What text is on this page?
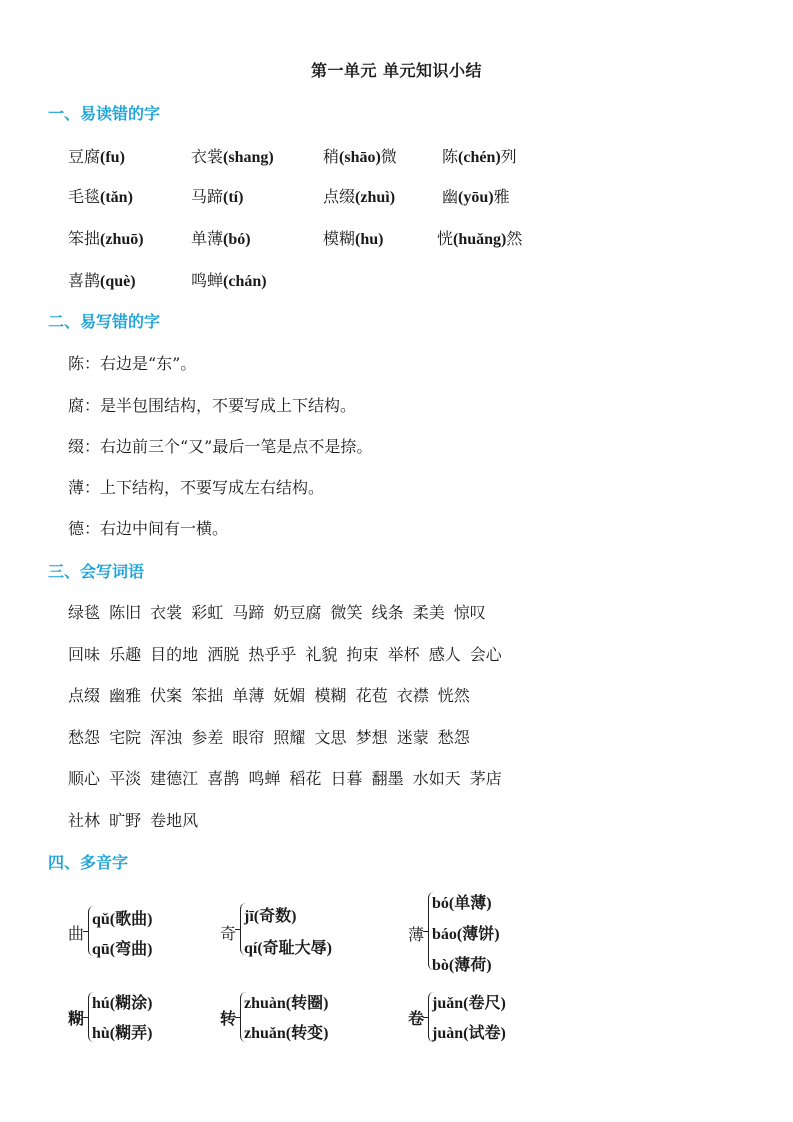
第一单元 单元知识小结
一、易读错的字
豆腐(fu)	衣裳(shang)	稍(shāo)微	陈(chén)列
毛毯(tǎn)	马蹄(tí)	点缀(zhuì)	幽(yōu)雅
笨拙(zhuō)	单薄(bó)	模糊(hu)	恍(huǎng)然
喜鹊(què)	鸣蝉(chán)
二、易写错的字
陈：右边是“东”。
腐：是半包围结构，不要写成上下结构。
缀：右边前三个“又”最后一笔是点不是捺。
薄：上下结构，不要写成左右结构。
德：右边中间有一横。
三、会写词语
绿毯 陈旧 衣裳 彩虹 马蹄 奶豆腐 微笑 线条 柔美 惊叹
回味 乐趣 目的地 洒脱 热乎乎 礼貌 拘束 举杯 感人 会心
点缀 幽雅 伏案 笨拙 单薄 妩媚 模糊 花苞 衣襟 恍然
愁怨 宅院 浑浊 参差 眼帘 照耀 文思 梦想 迷蒙 愁怨
顺心 平淡 建德江 喜鹊 鸣蝉 稻花 日暮 翻墨 水如天 茅店
社林 旷野 卷地风
四、多音字
曲
qǔ(歌曲)
qū(弯曲)
奇
jī(奇数)
qí(奇耻大辱)
薄
bó(单薄)
báo(薄饼)
bò(薄荷)
糊
hú(糊涂)
hù(糊弄)
转
zhuàn(转圈)
zhuǎn(转变)
卷
juǎn(卷尺)
juàn(试卷)
